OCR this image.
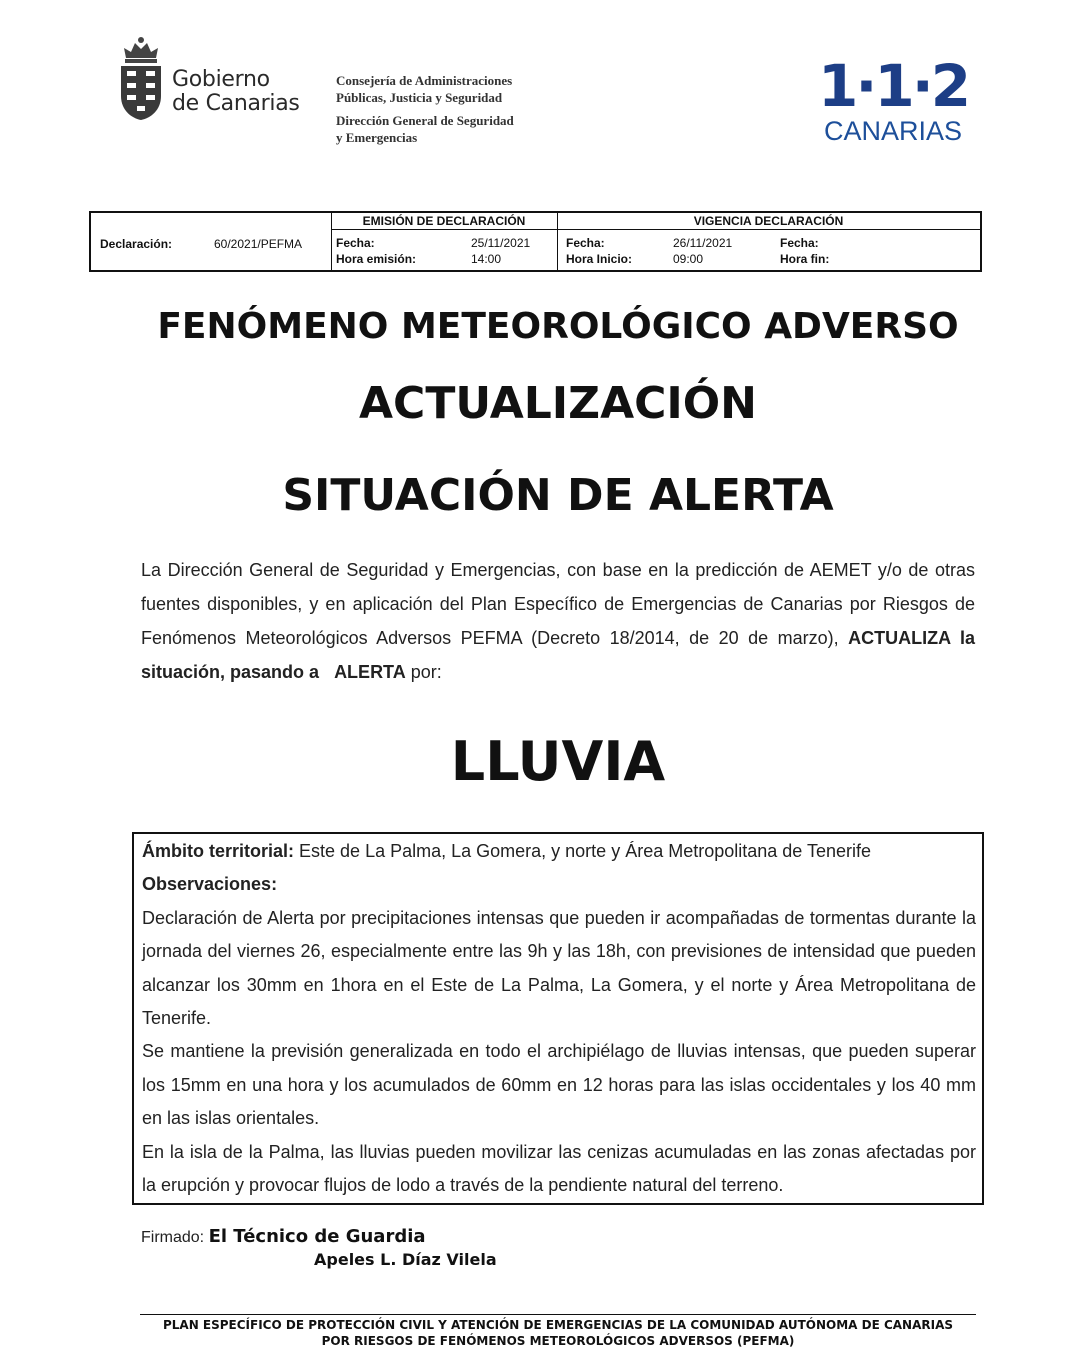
Gobierno
de Canarias
Consejería de Administraciones
Públicas, Justicia y Seguridad
Dirección General de Seguridad
y Emergencias
1·1·2
CANARIAS
Declaración:	60/2021/PEFMA
EMISIÓN DE DECLARACIÓN
Fecha:	25/11/2021
Hora emisión:	14:00
VIGENCIA DECLARACIÓN
Fecha:	26/11/2021
Hora Inicio:	09:00
Fecha:
Hora fin:
FENÓMENO METEOROLÓGICO ADVERSO
ACTUALIZACIÓN
SITUACIÓN DE ALERTA
La Dirección General de Seguridad y Emergencias, con base en la predicción de AEMET y/o de otras fuentes disponibles, y en aplicación del Plan Específico de Emergencias de Canarias por Riesgos de Fenómenos Meteorológicos Adversos PEFMA (Decreto 18/2014, de 20 de marzo), ACTUALIZA la situación, pasando a ALERTA por:
LLUVIA
Ámbito territorial: Este de La Palma, La Gomera, y norte y Área Metropolitana de Tenerife
Observaciones:
Declaración de Alerta por precipitaciones intensas que pueden ir acompañadas de tormentas durante la jornada del viernes 26, especialmente entre las 9h y las 18h, con previsiones de intensidad que pueden alcanzar los 30mm en 1hora en el Este de La Palma, La Gomera, y el norte y Área Metropolitana de Tenerife.
Se mantiene la previsión generalizada en todo el archipiélago de lluvias intensas, que pueden superar los 15mm en una hora y los acumulados de 60mm en 12 horas para las islas occidentales y los 40 mm en las islas orientales.
En la isla de la Palma, las lluvias pueden movilizar las cenizas acumuladas en las zonas afectadas por la erupción y provocar flujos de lodo a través de la pendiente natural del terreno.
Firmado: El Técnico de Guardia
Apeles L. Díaz Vilela
PLAN ESPECÍFICO DE PROTECCIÓN CIVIL Y ATENCIÓN DE EMERGENCIAS DE LA COMUNIDAD AUTÓNOMA DE CANARIAS
POR RIESGOS DE FENÓMENOS METEOROLÓGICOS ADVERSOS (PEFMA)
